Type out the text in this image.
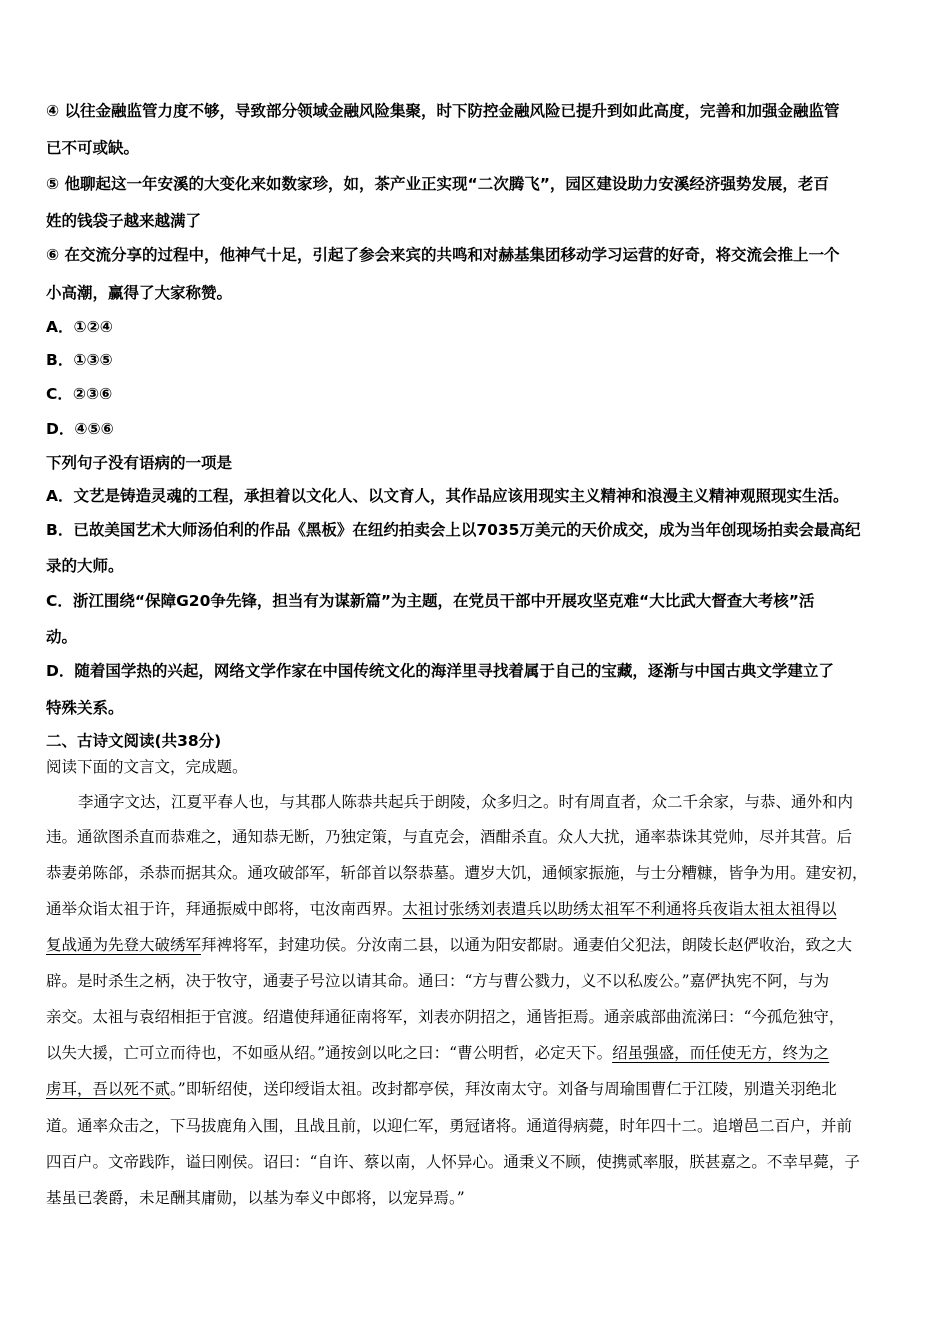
④ 以往金融监管力度不够，导致部分领域金融风险集聚，时下防控金融风险已提升到如此高度，完善和加强金融监管
已不可或缺。
⑤ 他聊起这一年安溪的大变化来如数家珍，如，茶产业正实现“二次腾飞”，园区建设助力安溪经济强势发展，老百
姓的钱袋子越来越满了
⑥ 在交流分享的过程中，他神气十足，引起了参会来宾的共鸣和对赫基集团移动学习运营的好奇，将交流会推上一个
小高潮，赢得了大家称赞。
A．①②④
B．①③⑤
C．②③⑥
D．④⑤⑥
下列句子没有语病的一项是
A．文艺是铸造灵魂的工程，承担着以文化人、以文育人，其作品应该用现实主义精神和浪漫主义精神观照现实生活。
B．已故美国艺术大师汤伯利的作品《黑板》在纽约拍卖会上以7035万美元的天价成交，成为当年创现场拍卖会最高纪
录的大师。
C．浙江围绕“保障G20争先锋，担当有为谋新篇”为主题，在党员干部中开展攻坚克难“大比武大督查大考核”活
动。
D．随着国学热的兴起，网络文学作家在中国传统文化的海洋里寻找着属于自己的宝藏，逐渐与中国古典文学建立了
特殊关系。
二、古诗文阅读(共38分)
阅读下面的文言文，完成题。
李通字文达，江夏平春人也，与其郡人陈恭共起兵于朗陵，众多归之。时有周直者，众二千余家，与恭、通外和内
违。通欲图杀直而恭难之，通知恭无断，乃独定策，与直克会，酒酣杀直。众人大扰，通率恭诛其党帅，尽并其营。后
恭妻弟陈郃，杀恭而据其众。通攻破郃军，斩郃首以祭恭墓。遭岁大饥，通倾家振施，与士分糟糠，皆争为用。建安初，
通举众诣太祖于许，拜通振威中郎将，屯汝南西界。太祖讨张绣刘表遣兵以助绣太祖军不利通将兵夜诣太祖太祖得以
复战通为先登大破绣军拜裨将军，封建功侯。分汝南二县，以通为阳安都尉。通妻伯父犯法，朗陵长赵俨收治，致之大
辟。是时杀生之柄，决于牧守，通妻子号泣以请其命。通曰：“方与曹公戮力，义不以私废公。”嘉俨执宪不阿，与为
亲交。太祖与袁绍相拒于官渡。绍遣使拜通征南将军，刘表亦阴招之，通皆拒焉。通亲戚部曲流涕曰：“今孤危独守，
以失大援，亡可立而待也，不如亟从绍。”通按剑以叱之曰：“曹公明哲，必定天下。绍虽强盛，而任使无方，终为之
虏耳，吾以死不贰。”即斩绍使，送印绶诣太祖。改封都亭侯，拜汝南太守。刘备与周瑜围曹仁于江陵，别遣关羽绝北
道。通率众击之，下马拔鹿角入围，且战且前，以迎仁军，勇冠诸将。通道得病薨，时年四十二。追增邑二百户，并前
四百户。文帝践阼，谥曰刚侯。诏曰：“自许、蔡以南，人怀异心。通秉义不顾，使携贰率服，朕甚嘉之。不幸早薨，子
基虽已袭爵，未足酬其庸勋，以基为奉义中郎将，以宠异焉。”
